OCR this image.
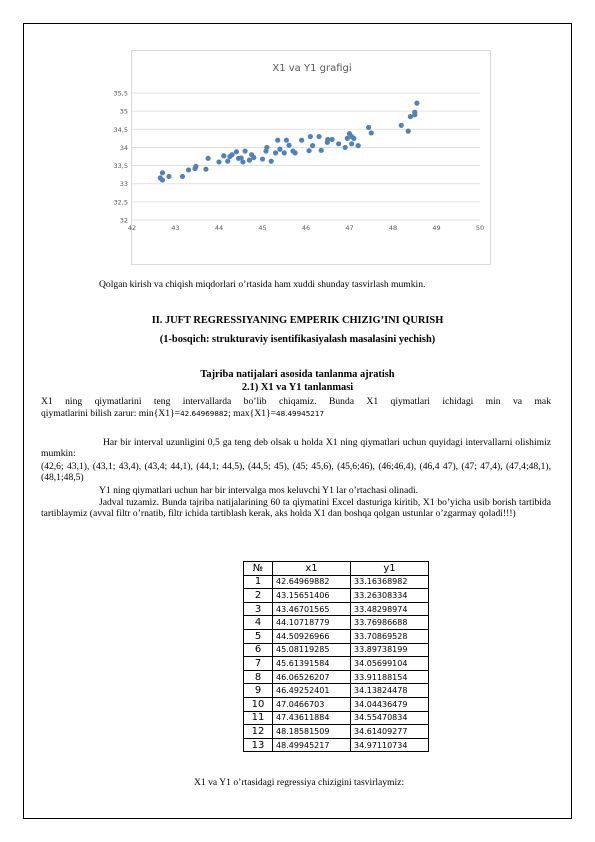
X1 va Y1 grafigi
32
32,5
33
33,5
34
34,5
35
35,5
42	43	44	45	46	47	48	49	50
Qolgan kirish va chiqish miqdorlari o’rtasida ham xuddi shunday tasvirlash mumkin.
II. JUFT REGRESSIYANING EMPERIK CHIZIG’INI QURISH
(1-bosqich: strukturaviy isentifikasiyalash masalasini yechish)
Tajriba natijalari asosida tanlanma ajratish
2.1) X1 va Y1 tanlanmasi
X1 ning qiymatlarini teng intervallarda bo’lib chiqamiz. Bunda X1 qiymatlari ichidagi min va mak
qiymatlarini bilish zarur: min{X1}=42.64969882; max{X1}=48.49945217
Har bir interval uzunligini 0,5 ga teng deb olsak u holda X1 ning qiymatlari uchun quyidagi intervallarni olishimiz mumkin:
(42,6; 43,1), (43,1; 43,4), (43,4; 44,1), (44,1; 44,5), (44,5; 45), (45; 45,6), (45,6;46), (46;46,4), (46,4 47), (47; 47,4), (47,4;48,1), (48,1;48,5)
Y1 ning qiymatlari uchun har bir intervalga mos keluvchi Y1 lar o’rtachasi olinadi.
Jadval tuzamiz. Bunda tajriba natijalarining 60 ta qiymatini Excel dasturiga kiritib, X1 bo’yicha usib borish tartibida tartiblaymiz (avval filtr o’rnatib, filtr ichida tartiblash kerak, aks holda X1 dan boshqa qolgan ustunlar o’zgarmay qoladi!!!)
№	x1	y1
1	42.64969882	33.16368982
2	43.15651406	33.26308334
3	43.46701565	33.48298974
4	44.10718779	33.76986688
5	44.50926966	33.70869528
6	45.08119285	33.89738199
7	45.61391584	34.05699104
8	46.06526207	33.91188154
9	46.49252401	34.13824478
10	47.0466703	34.04436479
11	47.43611884	34.55470834
12	48.18581509	34.61409277
13	48.49945217	34.97110734
X1 va Y1 o’rtasidagi regressiya chizigini tasvirlaymiz:
